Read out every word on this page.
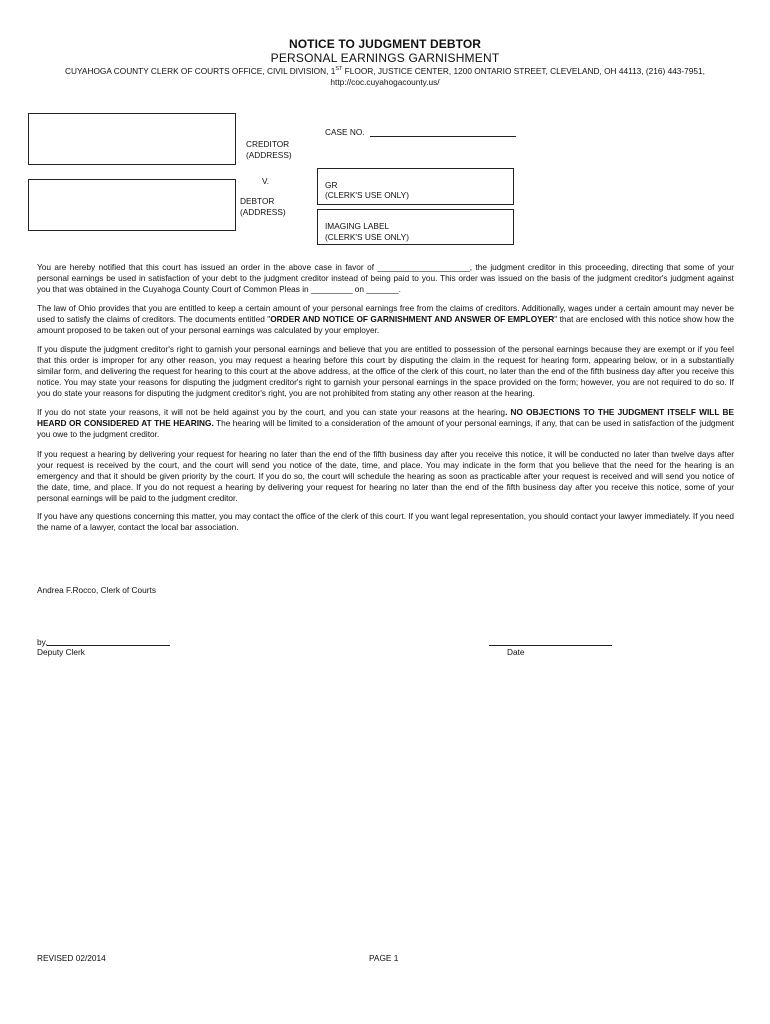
NOTICE TO JUDGMENT DEBTOR
PERSONAL EARNINGS GARNISHMENT
CUYAHOGA COUNTY CLERK OF COURTS OFFICE, CIVIL DIVISION, 1ST FLOOR, JUSTICE CENTER, 1200 ONTARIO STREET, CLEVELAND, OH 44113, (216) 443-7951,
http://coc.cuyahogacounty.us/
CASE NO.
CREDITOR
(ADDRESS)
V.
DEBTOR
(ADDRESS)
GR
(CLERK'S USE ONLY)
IMAGING LABEL
(CLERK'S USE ONLY)
You are hereby notified that this court has issued an order in the above case in favor of ____________________, the judgment creditor in this proceeding, directing that some of your personal earnings be used in satisfaction of your debt to the judgment creditor instead of being paid to you. This order was issued on the basis of the judgment creditor's judgment against you that was obtained in the Cuyahoga County Court of Common Pleas in _________ on _______.
The law of Ohio provides that you are entitled to keep a certain amount of your personal earnings free from the claims of creditors. Additionally, wages under a certain amount may never be used to satisfy the claims of creditors. The documents entitled "ORDER AND NOTICE OF GARNISHMENT AND ANSWER OF EMPLOYER" that are enclosed with this notice show how the amount proposed to be taken out of your personal earnings was calculated by your employer.
If you dispute the judgment creditor's right to garnish your personal earnings and believe that you are entitled to possession of the personal earnings because they are exempt or if you feel that this order is improper for any other reason, you may request a hearing before this court by disputing the claim in the request for hearing form, appearing below, or in a substantially similar form, and delivering the request for hearing to this court at the above address, at the office of the clerk of this court, no later than the end of the fifth business day after you receive this notice. You may state your reasons for disputing the judgment creditor's right to garnish your personal earnings in the space provided on the form; however, you are not required to do so. If you do state your reasons for disputing the judgment creditor's right, you are not prohibited from stating any other reason at the hearing.
If you do not state your reasons, it will not be held against you by the court, and you can state your reasons at the hearing. NO OBJECTIONS TO THE JUDGMENT ITSELF WILL BE HEARD OR CONSIDERED AT THE HEARING. The hearing will be limited to a consideration of the amount of your personal earnings, if any, that can be used in satisfaction of the judgment you owe to the judgment creditor.
If you request a hearing by delivering your request for hearing no later than the end of the fifth business day after you receive this notice, it will be conducted no later than twelve days after your request is received by the court, and the court will send you notice of the date, time, and place. You may indicate in the form that you believe that the need for the hearing is an emergency and that it should be given priority by the court. If you do so, the court will schedule the hearing as soon as practicable after your request is received and will send you notice of the date, time, and place. If you do not request a hearing by delivering your request for hearing no later than the end of the fifth business day after you receive this notice, some of your personal earnings will be paid to the judgment creditor.
If you have any questions concerning this matter, you may contact the office of the clerk of this court. If you want legal representation, you should contact your lawyer immediately. If you need the name of a lawyer, contact the local bar association.
Andrea F.Rocco, Clerk of Courts
by,
Deputy Clerk	Date
REVISED 02/2014	PAGE 1
